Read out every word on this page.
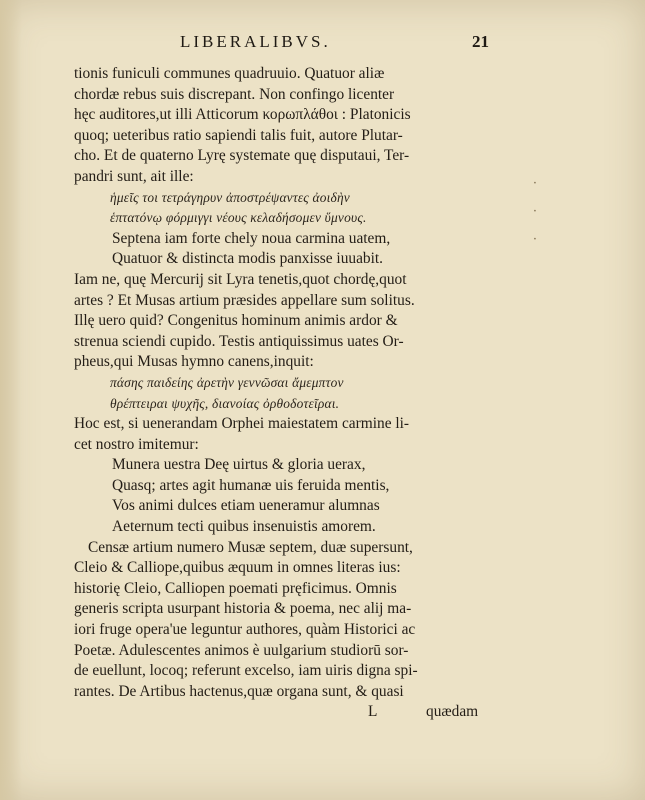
LIBERALIBVS.	21
tionis funiculi communes quadruuio. Quatuor aliæ
chordæ rebus suis discrepant. Non confingo licenter
hęc auditores,ut illi Atticorum κορωπλάθοι : Platonicis
quoq; ueteribus ratio sapiendi talis fuit, autore Plutar-
cho. Et de quaterno Lyrę systemate quę disputaui, Ter-
pandri sunt, ait ille:
ἡμεῖς τοι τετράγηρυν ἀποστρέψαντες ἀοιδὴν
ἑπτατόνῳ φόρμιγγι νέους κελαδήσομεν ὕμνους.
Septena iam forte chely noua carmina uatem,
Quatuor & distincta modis panxisse iuuabit.
Iam ne, quę Mercurij sit Lyra tenetis,quot chordę,quot
artes ? Et Musas artium præsides appellare sum solitus.
Illę uero quid? Congenitus hominum animis ardor &
strenua sciendi cupido. Testis antiquissimus uates Or-
pheus,qui Musas hymno canens,inquit:
πάσης παιδείης ἀρετὴν γεννῶσαι ἄμεμπτον
θρέπτειραι ψυχῆς, διανοίας ὀρθοδοτεῖραι.
Hoc est, si uenerandam Orphei maiestatem carmine li-
cet nostro imitemur:
Munera uestra Deę uirtus & gloria uerax,
Quasq; artes agit humanæ uis feruida mentis,
Vos animi dulces etiam ueneramur alumnas
Aeternum tecti quibus insenuistis amorem.
Censæ artium numero Musæ septem, duæ supersunt,
Cleio & Calliope,quibus æquum in omnes literas ius:
historię Cleio, Calliopen poemati pręficimus. Omnis
generis scripta usurpant historia & poema, nec alij ma-
iori fruge opera'ue leguntur authores, quàm Historici ac
Poetæ. Adulescentes animos è uulgarium studiorū sor-
de euellunt, locoq; referunt excelso, iam uiris digna spi-
rantes. De Artibus hactenus,quæ organa sunt, & quasi
L	quædam
·
·
·
